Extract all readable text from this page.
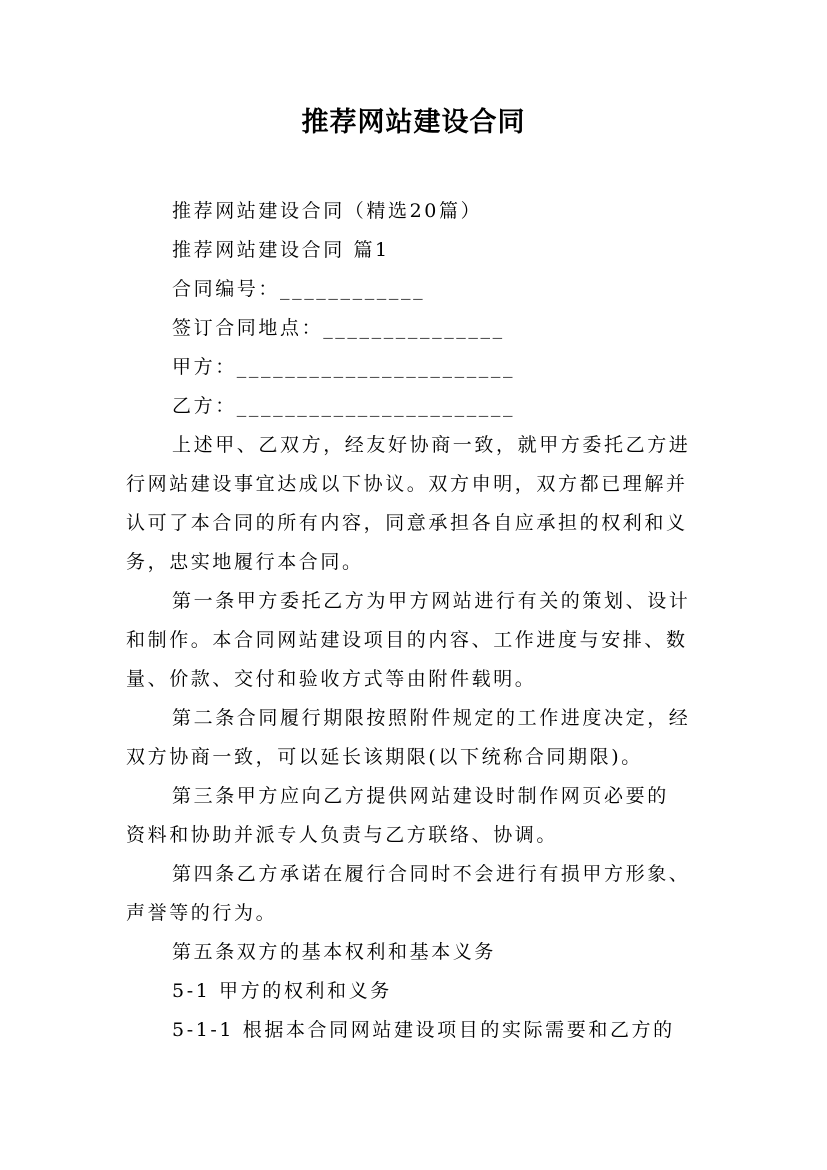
推荐网站建设合同
推荐网站建设合同（精选20篇）
推荐网站建设合同 篇1
合同编号：____________
签订合同地点：_______________
甲方：_______________________
乙方：_______________________
上述甲、乙双方，经友好协商一致，就甲方委托乙方进
行网站建设事宜达成以下协议。双方申明，双方都已理解并
认可了本合同的所有内容，同意承担各自应承担的权利和义
务，忠实地履行本合同。
第一条甲方委托乙方为甲方网站进行有关的策划、设计
和制作。本合同网站建设项目的内容、工作进度与安排、数
量、价款、交付和验收方式等由附件载明。
第二条合同履行期限按照附件规定的工作进度决定，经
双方协商一致，可以延长该期限(以下统称合同期限)。
第三条甲方应向乙方提供网站建设时制作网页必要的
资料和协助并派专人负责与乙方联络、协调。
第四条乙方承诺在履行合同时不会进行有损甲方形象、
声誉等的行为。
第五条双方的基本权利和基本义务
5-1 甲方的权利和义务
5-1-1 根据本合同网站建设项目的实际需要和乙方的
